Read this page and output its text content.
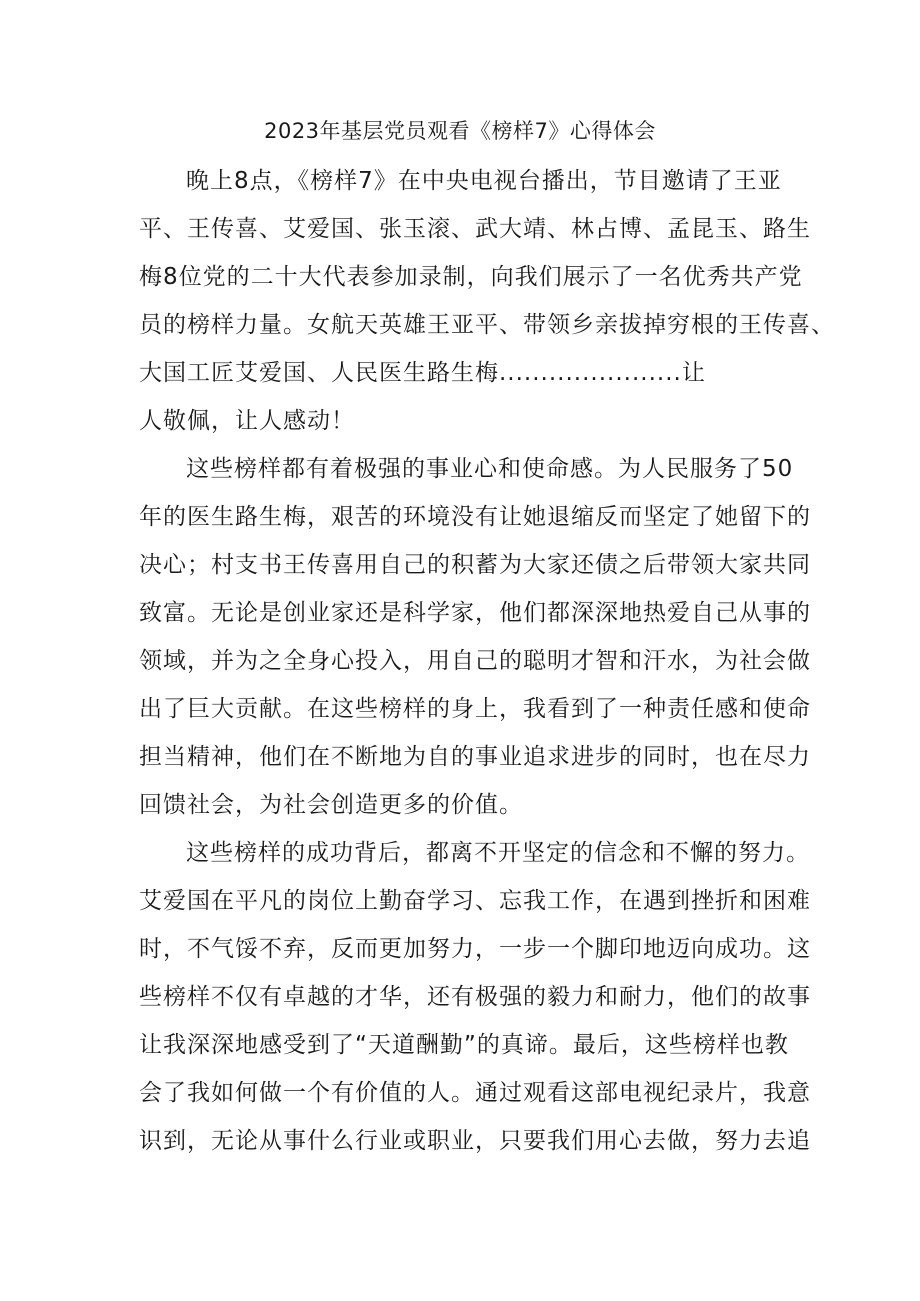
2023年基层党员观看《榜样7》心得体会
晚上8点，《榜样7》在中央电视台播出，节目邀请了王亚
平、王传喜、艾爱国、张玉滚、武大靖、林占博、孟昆玉、路生
梅8位党的二十大代表参加录制，向我们展示了一名优秀共产党
员的榜样力量。女航天英雄王亚平、带领乡亲拔掉穷根的王传喜、
大国工匠艾爱国、人民医生路生梅......................让
人敬佩，让人感动！
这些榜样都有着极强的事业心和使命感。为人民服务了50
年的医生路生梅，艰苦的环境没有让她退缩反而坚定了她留下的
决心；村支书王传喜用自己的积蓄为大家还债之后带领大家共同
致富。无论是创业家还是科学家，他们都深深地热爱自己从事的
领域，并为之全身心投入，用自己的聪明才智和汗水，为社会做
出了巨大贡献。在这些榜样的身上，我看到了一种责任感和使命
担当精神，他们在不断地为自的事业追求进步的同时，也在尽力
回馈社会，为社会创造更多的价值。
这些榜样的成功背后，都离不开坚定的信念和不懈的努力。
艾爱国在平凡的岗位上勤奋学习、忘我工作，在遇到挫折和困难
时，不气馁不弃，反而更加努力，一步一个脚印地迈向成功。这
些榜样不仅有卓越的才华，还有极强的毅力和耐力，他们的故事
让我深深地感受到了“天道酬勤”的真谛。最后，这些榜样也教
会了我如何做一个有价值的人。通过观看这部电视纪录片，我意
识到，无论从事什么行业或职业，只要我们用心去做，努力去追
